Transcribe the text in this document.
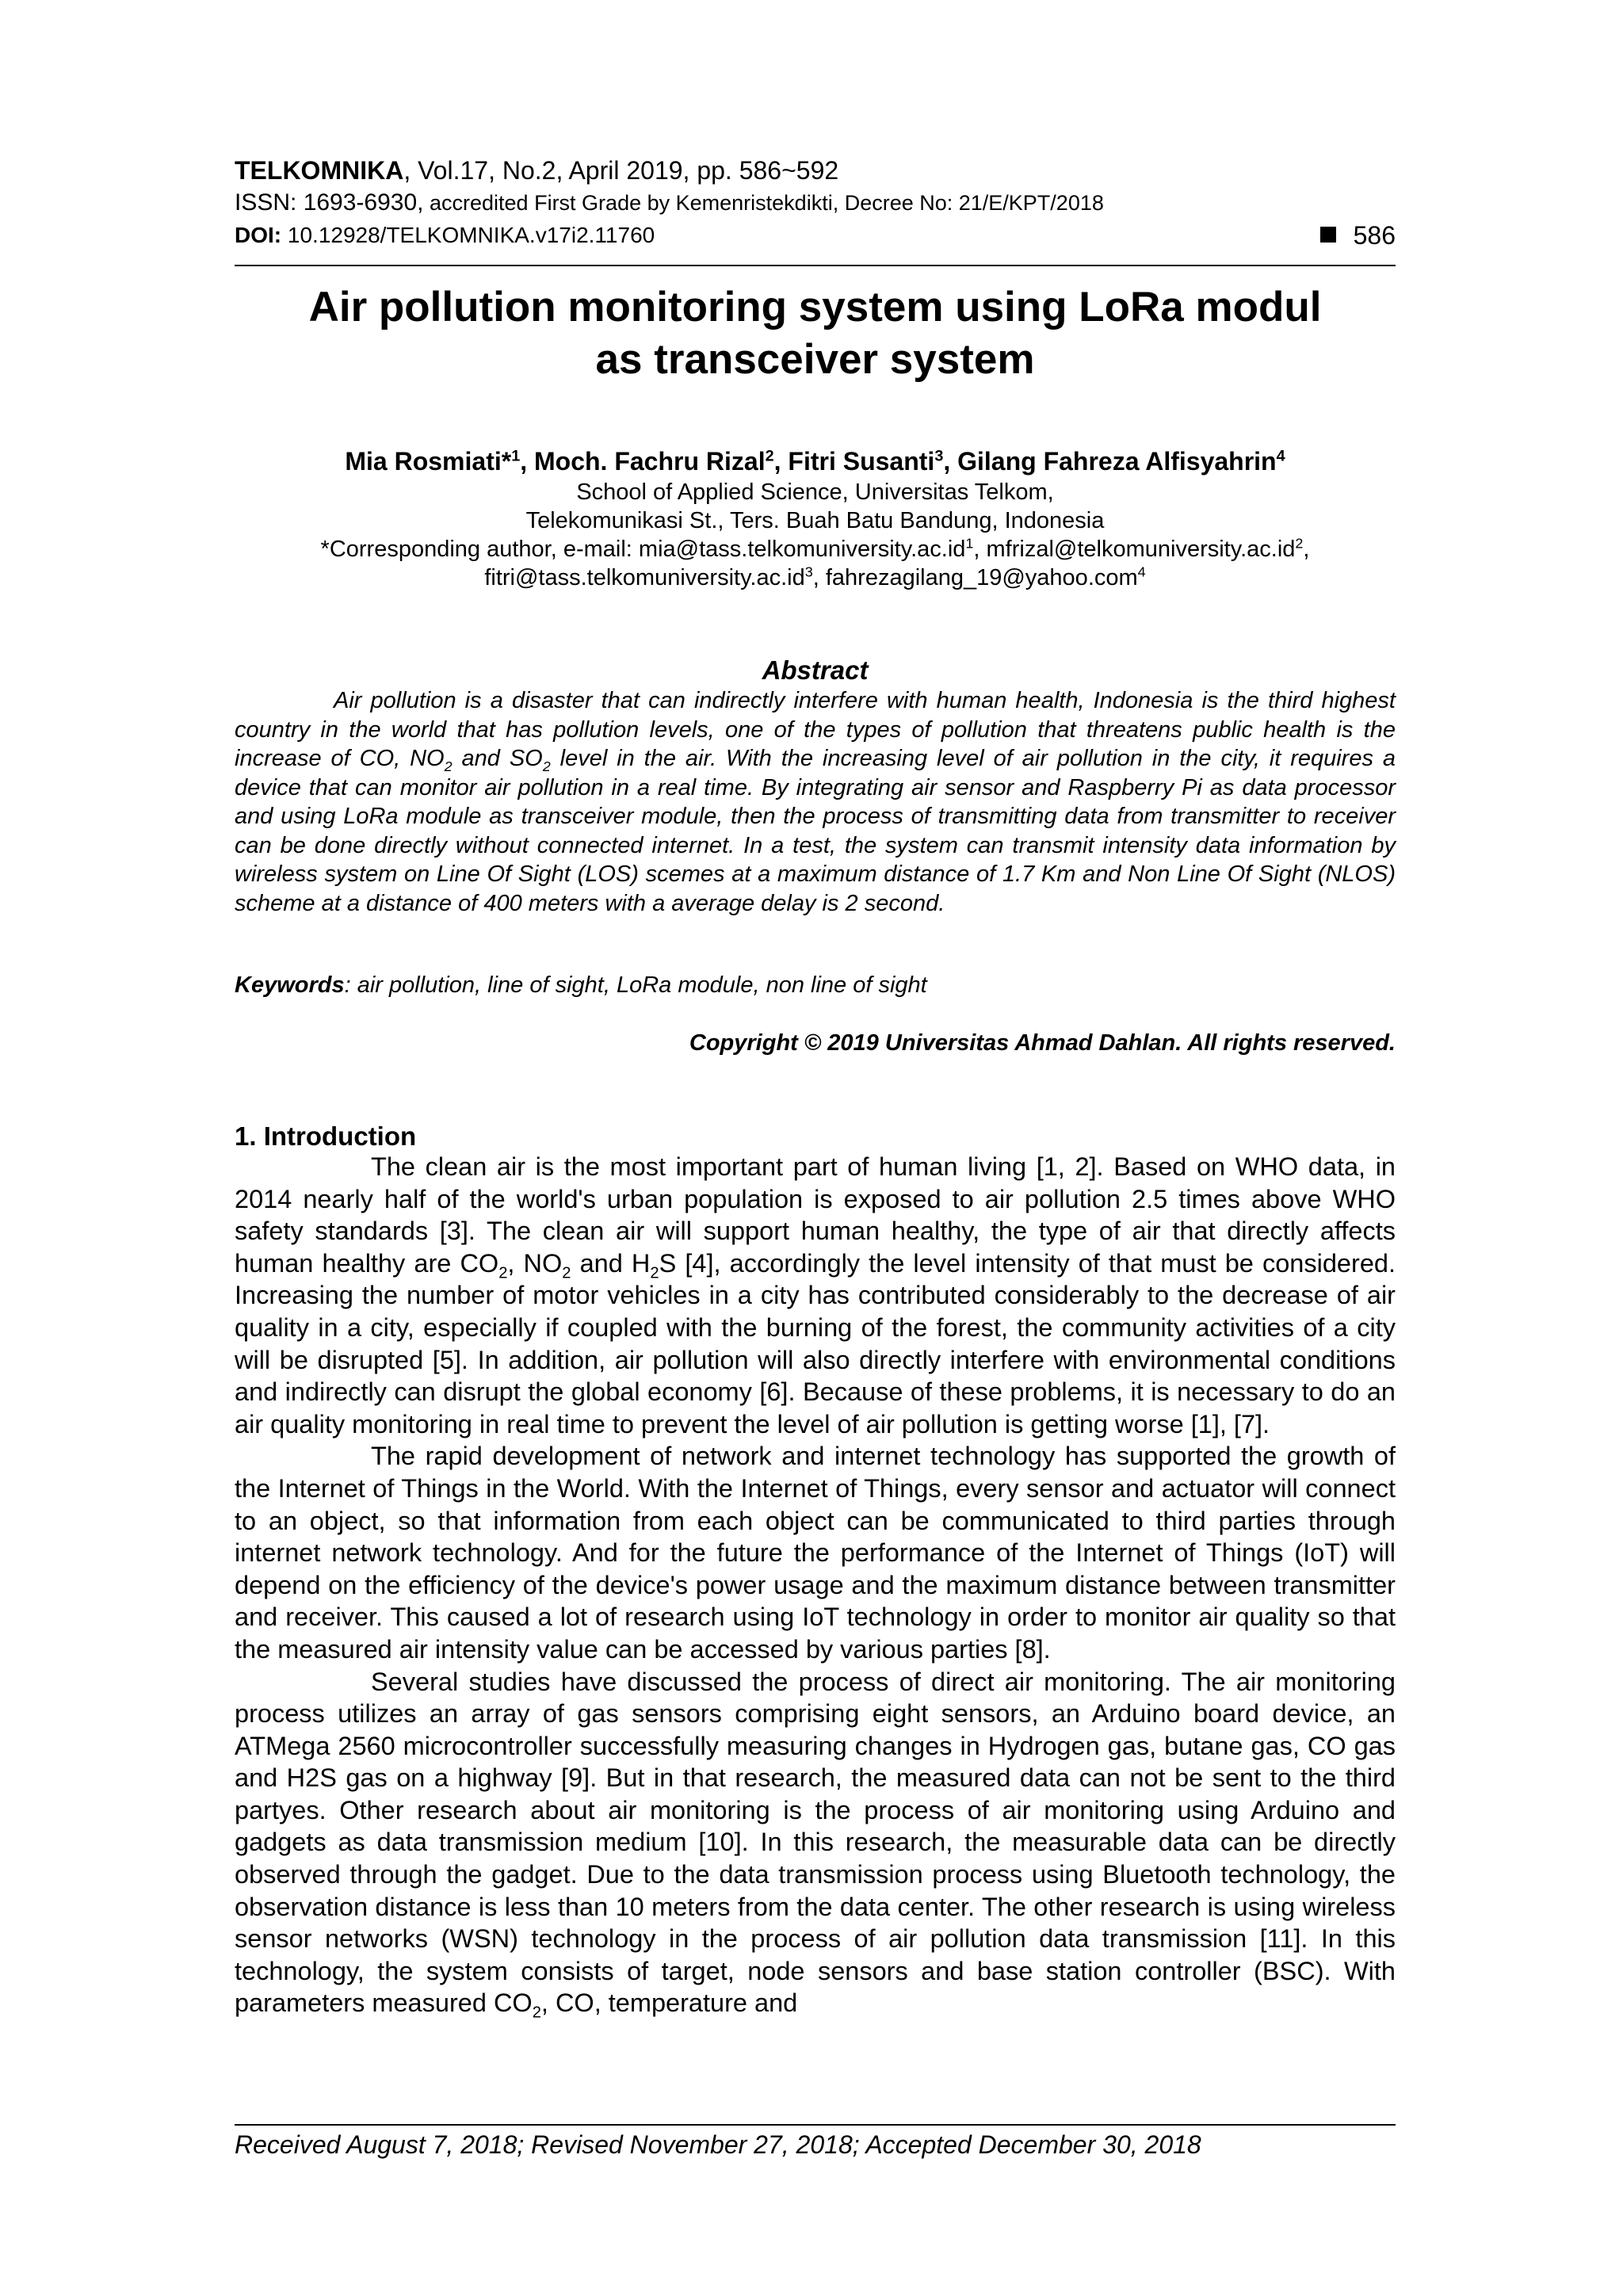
TELKOMNIKA, Vol.17, No.2, April 2019, pp. 586~592
ISSN: 1693-6930, accredited First Grade by Kemenristekdikti, Decree No: 21/E/KPT/2018
DOI: 10.12928/TELKOMNIKA.v17i2.11760	586
Air pollution monitoring system using LoRa modul
as transceiver system
Mia Rosmiati*$^1$, Moch. Fachru Rizal$^2$, Fitri Susanti$^3$, Gilang Fahreza Alfisyahrin$^4$
School of Applied Science, Universitas Telkom,
Telekomunikasi St., Ters. Buah Batu Bandung, Indonesia
*Corresponding author, e-mail: $mia@tass.telkomuniversity.ac.id^1$, $mfrizal@telkomuniversity.ac.id^2$,
$fitri@tass.telkomuniversity.ac.id^3$, fahrezagilang_19@yahoo.com$^4$
Abstract

Air pollution is a disaster that can indirectly interfere with human health, Indonesia is the third highest country in the world that has pollution levels, one of the types of pollution that threatens public health is the increase of CO, $NO_2$ and $SO_2$ level in the air. With the increasing level of air pollution in the city, it requires a device that can monitor air pollution in a real time. By integrating air sensor and Raspberry Pi as data processor and using LoRa module as transceiver module, then the process of transmitting data from transmitter to receiver can be done directly without connected internet. In a test, the system can transmit intensity data information by wireless system on Line Of Sight (LOS) scemes at a maximum distance of 1.7 Km and Non Line Of Sight (NLOS) scheme at a distance of 400 meters with a average delay is 2 second.

Keywords: air pollution, line of sight, LoRa module, non line of sight
Copyright © 2019 Universitas Ahmad Dahlan. All rights reserved.
1. Introduction

The clean air is the most important part of human living [1, 2]. Based on WHO data, in 2014 nearly half of the world's urban population is exposed to air pollution 2.5 times above WHO safety standards [3]. The clean air will support human healthy, the type of air that directly affects human healthy are $CO_2$, $NO_2$ and $H_2S$ [4], accordingly the level intensity of that must be considered. Increasing the number of motor vehicles in a city has contributed considerably to the decrease of air quality in a city, especially if coupled with the burning of the forest, the community activities of a city will be disrupted [5]. In addition, air pollution will also directly interfere with environmental conditions and indirectly can disrupt the global economy [6]. Because of these problems, it is necessary to do an air quality monitoring in real time to prevent the level of air pollution is getting worse [1], [7].

The rapid development of network and internet technology has supported the growth of the Internet of Things in the World. With the Internet of Things, every sensor and actuator will connect to an object, so that information from each object can be communicated to third parties through internet network technology. And for the future the performance of the Internet of Things (IoT) will depend on the efficiency of the device's power usage and the maximum distance between transmitter and receiver. This caused a lot of research using IoT technology in order to monitor air quality so that the measured air intensity value can be accessed by various parties [8].

Several studies have discussed the process of direct air monitoring. The air monitoring process utilizes an array of gas sensors comprising eight sensors, an Arduino board device, an ATMega 2560 microcontroller successfully measuring changes in Hydrogen gas, butane gas, CO gas and H2S gas on a highway [9]. But in that research, the measured data can not be sent to the third partyes. Other research about air monitoring is the process of air monitoring using Arduino and gadgets as data transmission medium [10]. In this research, the measurable data can be directly observed through the gadget. Due to the data transmission process using Bluetooth technology, the observation distance is less than 10 meters from the data center. The other research is using wireless sensor networks (WSN) technology in the process of air pollution data transmission [11]. In this technology, the system consists of target, node sensors and base station controller (BSC). With parameters measured $CO_2$, CO, temperature and

Received August 7, 2018; Revised November 27, 2018; Accepted December 30, 2018
